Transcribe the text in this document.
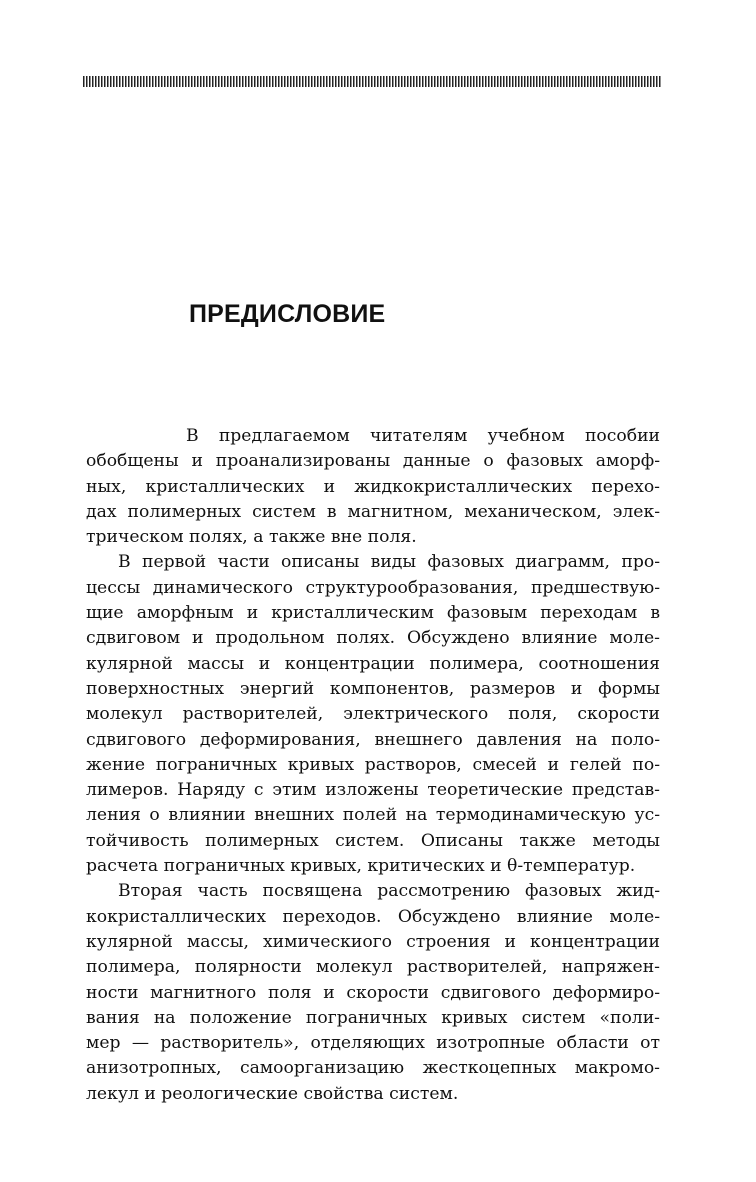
ПРЕДИСЛОВИЕ
В предлагаемом читателям учебном пособии
обобщены и проанализированы данные о фазовых аморф-
ных, кристаллических и жидкокристаллических перехо-
дах полимерных систем в магнитном, механическом, элек-
трическом полях, а также вне поля.
В первой части описаны виды фазовых диаграмм, про-
цессы динамического структурообразования, предшествую-
щие аморфным и кристаллическим фазовым переходам в
сдвиговом и продольном полях. Обсуждено влияние моле-
кулярной массы и концентрации полимера, соотношения
поверхностных энергий компонентов, размеров и формы
молекул растворителей, электрического поля, скорости
сдвигового деформирования, внешнего давления на поло-
жение пограничных кривых растворов, смесей и гелей по-
лимеров. Наряду с этим изложены теоретические представ-
ления о влиянии внешних полей на термодинамическую ус-
тойчивость полимерных систем. Описаны также методы
расчета пограничных кривых, критических и θ-температур.
Вторая часть посвящена рассмотрению фазовых жид-
кокристаллических переходов. Обсуждено влияние моле-
кулярной массы, химическиого строения и концентрации
полимера, полярности молекул растворителей, напряжен-
ности магнитного поля и скорости сдвигового деформиро-
вания на положение пограничных кривых систем «поли-
мер — растворитель», отделяющих изотропные области от
анизотропных, самоорганизацию жесткоцепных макромо-
лекул и реологические свойства систем.
